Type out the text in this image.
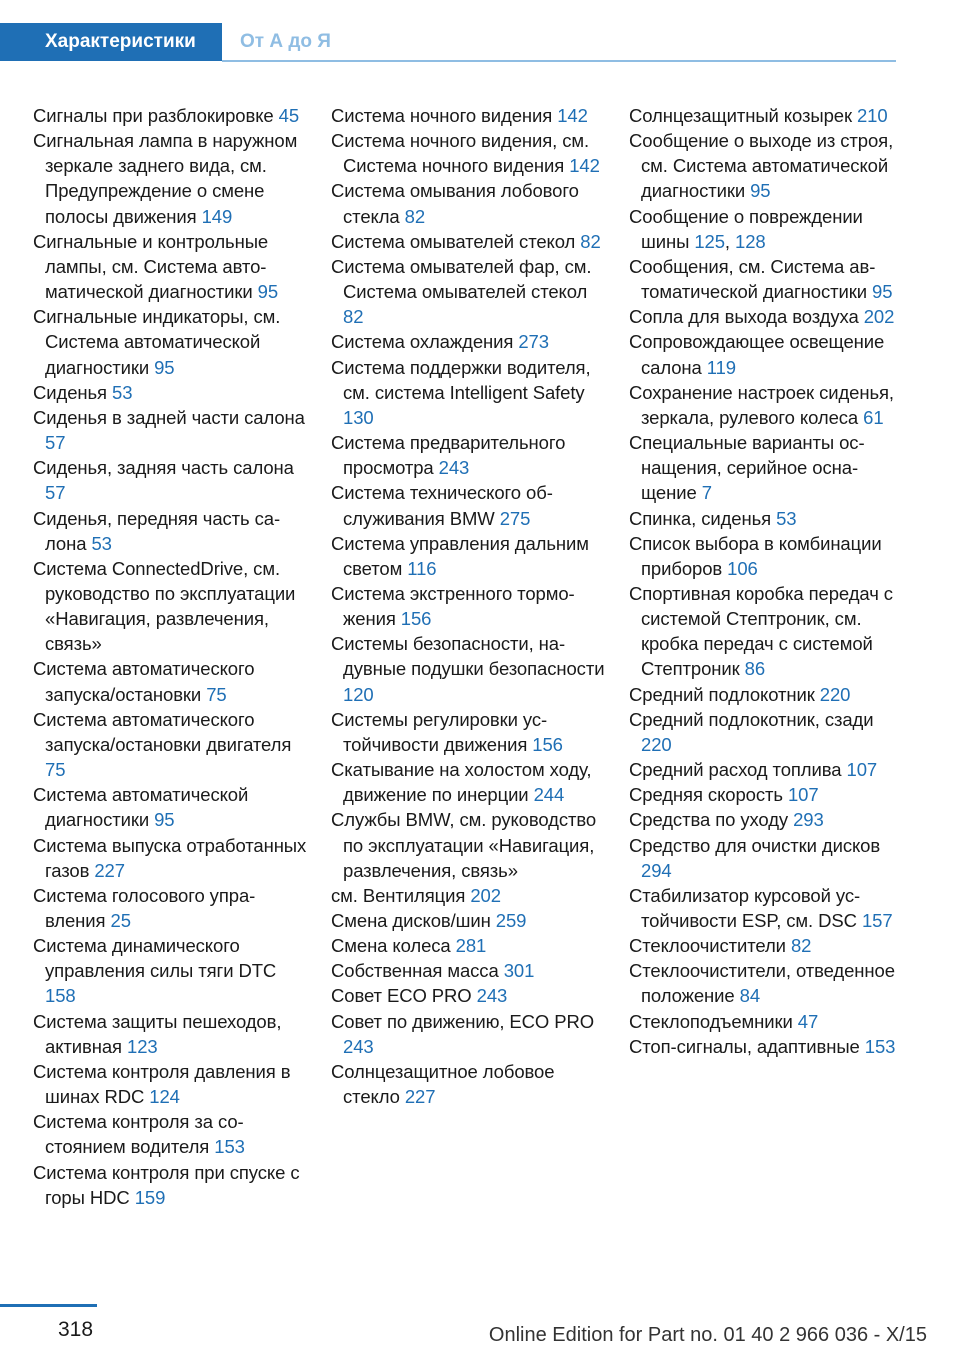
Характеристики	От А до Я

Сигналы при разблокировке 45

Сигнальная лампа в наружном зеркале заднего вида, см. Предупреждение о смене полосы движения 149

Сигнальные и контрольные лампы, см. Система автоматической диагностики 95

Сигнальные индикаторы, см. Система автоматической диагностики 95

Сиденья 53

Сиденья в задней части салона 57

Сиденья, задняя часть салона 57

Сиденья, передняя часть салона 53

Система ConnectedDrive, см. руководство по эксплуатации «Навигация, развлечения, связь»

Система автоматического запуска/остановки 75

Система автоматического запуска/остановки двигателя 75

Система автоматической диагностики 95

Система выпуска отработанных газов 227

Система голосового управления 25

Система динамического управления силы тяги DTC 158

Система защиты пешеходов, активная 123

Система контроля давления в шинах RDC 124

Система контроля за состоянием водителя 153

Система контроля при спуске с горы HDC 159

Система ночного видения 142

Система ночного видения, см. Система ночного видения 142

Система омывания лобового стекла 82

Система омывателей стекол 82

Система омывателей фар, см. Система омывателей стекол 82

Система охлаждения 273

Система поддержки водителя, см. система Intelligent Safety 130

Система предварительного просмотра 243

Система технического обслуживания BMW 275

Система управления дальним светом 116

Система экстренного торможения 156

Системы безопасности, надувные подушки безопасности 120

Системы регулировки устойчивости движения 156

Скатывание на холостом ходу, движение по инерции 244

Службы BMW, см. руководство по эксплуатации «Навигация, развлечения, связь»

см. Вентиляция 202

Смена дисков/шин 259

Смена колеса 281

Собственная масса 301

Совет ECO PRO 243

Совет по движению, ECO PRO 243

Солнцезащитное лобовое стекло 227

Солнцезащитный козырек 210

Сообщение о выходе из строя, см. Система автоматической диагностики 95

Сообщение о повреждении шины 125, 128

Сообщения, см. Система автоматической диагностики 95

Сопла для выхода воздуха 202

Сопровождающее освещение салона 119

Сохранение настроек сиденья, зеркала, рулевого колеса 61

Специальные варианты оснащения, серийное оснащение 7

Спинка, сиденья 53

Список выбора в комбинации приборов 106

Спортивная коробка передач с системой Стептроник, см. кробка передач с системой Стептроник 86

Средний подлокотник 220

Средний подлокотник, сзади 220

Средний расход топлива 107

Средняя скорость 107

Средства по уходу 293

Средство для очистки дисков 294

Стабилизатор курсовой устойчивости ESP, см. DSC 157

Стеклоочистители 82

Стеклоочистители, отведенное положение 84

Стеклоподъемники 47

Стоп-сигналы, адаптивные 153

318	Online Edition for Part no. 01 40 2 966 036 - X/15
